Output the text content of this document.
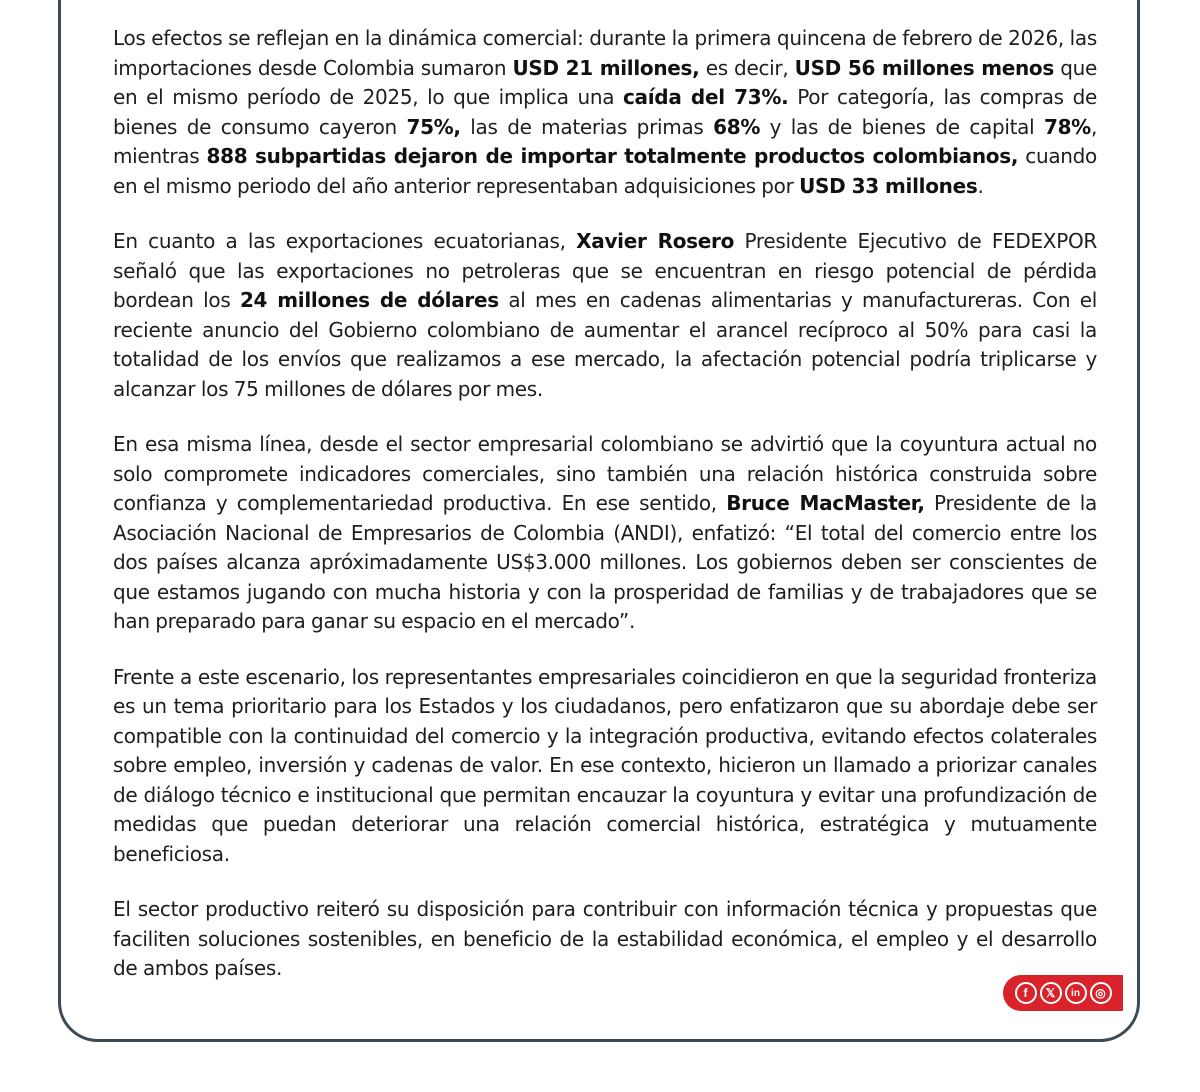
Los efectos se reflejan en la dinámica comercial: durante la primera quincena de febrero de 2026, las importaciones desde Colombia sumaron USD 21 millones, es decir, USD 56 millones menos que en el mismo período de 2025, lo que implica una caída del 73%. Por categoría, las compras de bienes de consumo cayeron 75%, las de materias primas 68% y las de bienes de capital 78%, mientras 888 subpartidas dejaron de importar totalmente productos colombianos, cuando en el mismo periodo del año anterior representaban adquisiciones por USD 33 millones.

En cuanto a las exportaciones ecuatorianas, Xavier Rosero Presidente Ejecutivo de FEDEXPOR señaló que las exportaciones no petroleras que se encuentran en riesgo potencial de pérdida bordean los 24 millones de dólares al mes en cadenas alimentarias y manufactureras. Con el reciente anuncio del Gobierno colombiano de aumentar el arancel recíproco al 50% para casi la totalidad de los envíos que realizamos a ese mercado, la afectación potencial podría triplicarse y alcanzar los 75 millones de dólares por mes.

En esa misma línea, desde el sector empresarial colombiano se advirtió que la coyuntura actual no solo compromete indicadores comerciales, sino también una relación histórica construida sobre confianza y complementariedad productiva. En ese sentido, Bruce MacMaster, Presidente de la Asociación Nacional de Empresarios de Colombia (ANDI), enfatizó: “El total del comercio entre los dos países alcanza apróximadamente US$3.000 millones. Los gobiernos deben ser conscientes de que estamos jugando con mucha historia y con la prosperidad de familias y de trabajadores que se han preparado para ganar su espacio en el mercado”.

Frente a este escenario, los representantes empresariales coincidieron en que la seguridad fronteriza es un tema prioritario para los Estados y los ciudadanos, pero enfatizaron que su abordaje debe ser compatible con la continuidad del comercio y la integración productiva, evitando efectos colaterales sobre empleo, inversión y cadenas de valor. En ese contexto, hicieron un llamado a priorizar canales de diálogo técnico e institucional que permitan encauzar la coyuntura y evitar una profundización de medidas que puedan deteriorar una relación comercial histórica, estratégica y mutuamente beneficiosa.

El sector productivo reiteró su disposición para contribuir con información técnica y propuestas que faciliten soluciones sostenibles, en beneficio de la estabilidad económica, el empleo y el desarrollo de ambos países.

f	𝕏	in	◎
